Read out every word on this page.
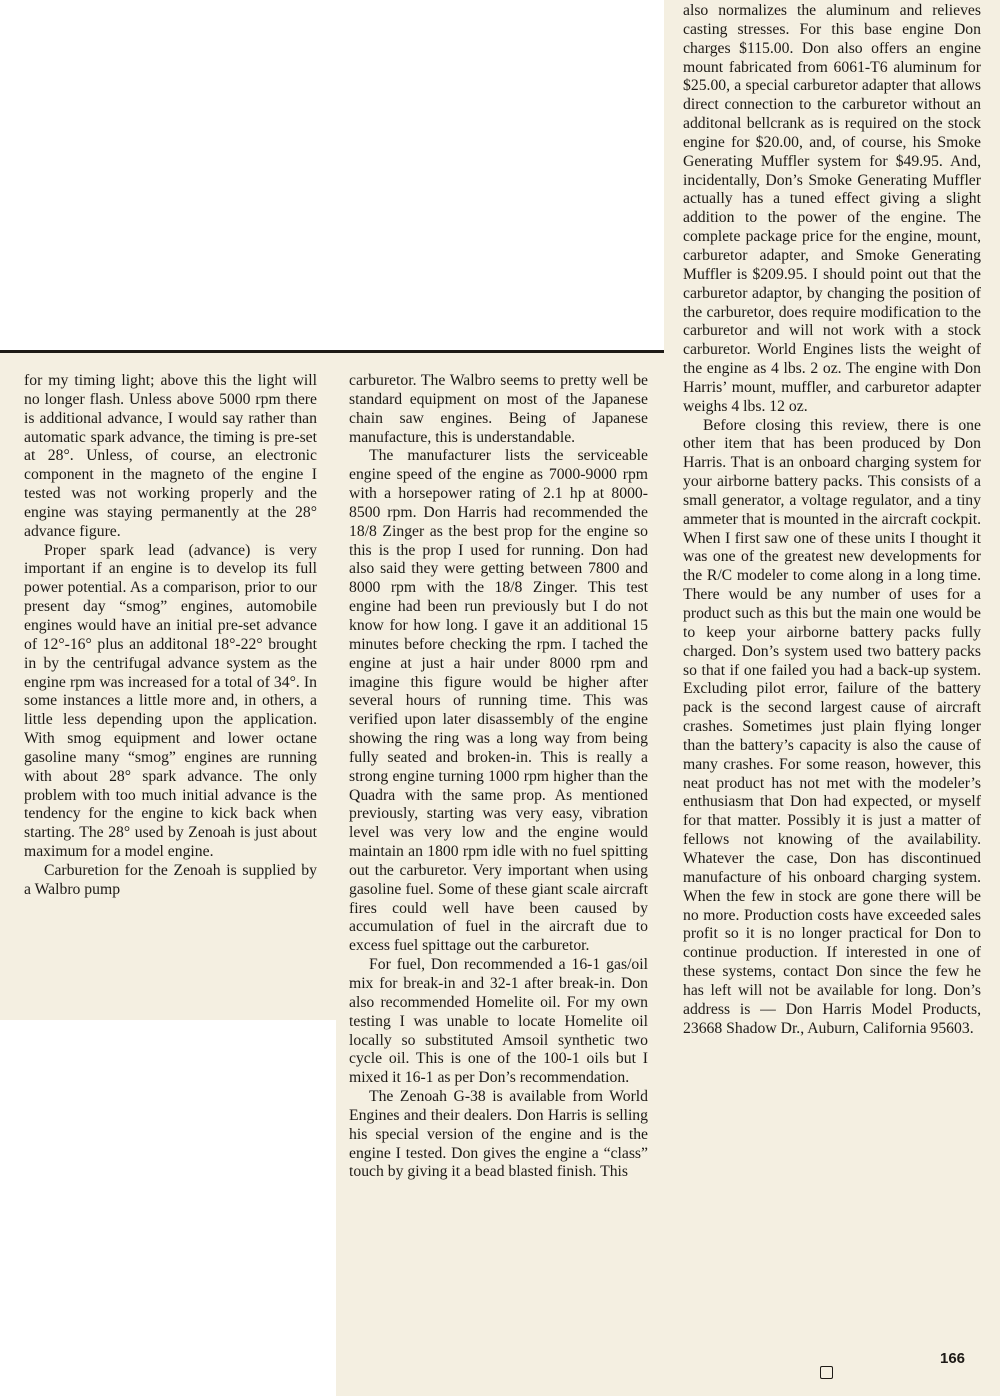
for my timing light; above this the light will no longer flash. Unless above 5000 rpm there is additional advance, I would say rather than automatic spark advance, the timing is pre-set at 28°. Unless, of course, an electronic component in the magneto of the engine I tested was not working properly and the engine was staying permanently at the 28° advance figure.

Proper spark lead (advance) is very important if an engine is to develop its full power potential. As a comparison, prior to our present day “smog” engines, automobile engines would have an initial pre-set advance of 12°-16° plus an additonal 18°-22° brought in by the centrifugal advance system as the engine rpm was increased for a total of 34°. In some instances a little more and, in others, a little less depending upon the application. With smog equipment and lower octane gasoline many “smog” engines are running with about 28° spark advance. The only problem with too much initial advance is the tendency for the engine to kick back when starting. The 28° used by Zenoah is just about maximum for a model engine.

Carburetion for the Zenoah is supplied by a Walbro pump

carburetor. The Walbro seems to pretty well be standard equipment on most of the Japanese chain saw engines. Being of Japanese manufacture, this is understandable.

The manufacturer lists the serviceable engine speed of the engine as 7000-9000 rpm with a horsepower rating of 2.1 hp at 8000-8500 rpm. Don Harris had recommended the 18/8 Zinger as the best prop for the engine so this is the prop I used for running. Don had also said they were getting between 7800 and 8000 rpm with the 18/8 Zinger. This test engine had been run previously but I do not know for how long. I gave it an additional 15 minutes before checking the rpm. I tached the engine at just a hair under 8000 rpm and imagine this figure would be higher after several hours of running time. This was verified upon later disassembly of the engine showing the ring was a long way from being fully seated and broken-in. This is really a strong engine turning 1000 rpm higher than the Quadra with the same prop. As mentioned previously, starting was very easy, vibration level was very low and the engine would maintain an 1800 rpm idle with no fuel spitting out the carburetor. Very important when using gasoline fuel. Some of these giant scale aircraft fires could well have been caused by accumulation of fuel in the aircraft due to excess fuel spittage out the carburetor.

For fuel, Don recommended a 16-1 gas/oil mix for break-in and 32-1 after break-in. Don also recommended Homelite oil. For my own testing I was unable to locate Homelite oil locally so substituted Amsoil synthetic two cycle oil. This is one of the 100-1 oils but I mixed it 16-1 as per Don’s recommendation.

The Zenoah G-38 is available from World Engines and their dealers. Don Harris is selling his special version of the engine and is the engine I tested. Don gives the engine a “class” touch by giving it a bead blasted finish. This

also normalizes the aluminum and relieves casting stresses. For this base engine Don charges $115.00. Don also offers an engine mount fabricated from 6061-T6 aluminum for $25.00, a special carburetor adapter that allows direct connection to the carburetor without an additonal bellcrank as is required on the stock engine for $20.00, and, of course, his Smoke Generating Muffler system for $49.95. And, incidentally, Don’s Smoke Generating Muffler actually has a tuned effect giving a slight addition to the power of the engine. The complete package price for the engine, mount, carburetor adapter, and Smoke Generating Muffler is $209.95. I should point out that the carburetor adaptor, by changing the position of the carburetor, does require modification to the carburetor and will not work with a stock carburetor. World Engines lists the weight of the engine as 4 lbs. 2 oz. The engine with Don Harris’ mount, muffler, and carburetor adapter weighs 4 lbs. 12 oz.

Before closing this review, there is one other item that has been produced by Don Harris. That is an onboard charging system for your airborne battery packs. This consists of a small generator, a voltage regulator, and a tiny ammeter that is mounted in the aircraft cockpit. When I first saw one of these units I thought it was one of the greatest new developments for the R/C modeler to come along in a long time. There would be any number of uses for a product such as this but the main one would be to keep your airborne battery packs fully charged. Don’s system used two battery packs so that if one failed you had a back-up system. Excluding pilot error, failure of the battery pack is the second largest cause of aircraft crashes. Sometimes just plain flying longer than the battery’s capacity is also the cause of many crashes. For some reason, however, this neat product has not met with the modeler’s enthusiasm that Don had expected, or myself for that matter. Possibly it is just a matter of fellows not knowing of the availability. Whatever the case, Don has discontinued manufacture of his onboard charging system. When the few in stock are gone there will be no more. Production costs have exceeded sales profit so it is no longer practical for Don to continue production. If interested in one of these systems, contact Don since the few he has left will not be available for long. Don’s address is — Don Harris Model Products, 23668 Shadow Dr., Auburn, California 95603.

166
